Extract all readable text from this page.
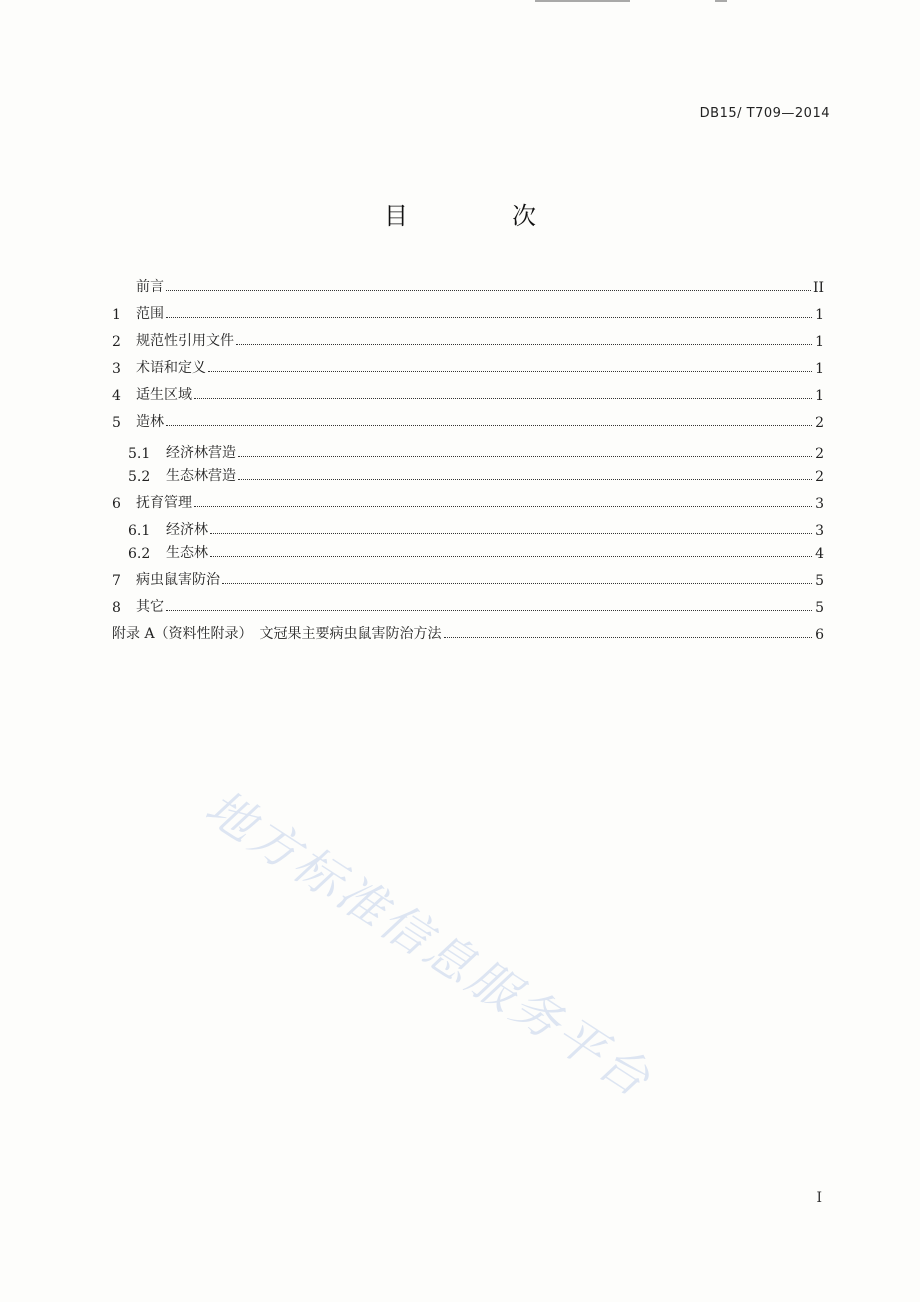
DB15/ T709—2014
目　次
前言	II
1	范围	1
2	规范性引用文件	1
3	术语和定义	1
4	适生区域	1
5	造林	2
5.1	经济林营造	2
5.2	生态林营造	2
6	抚育管理	3
6.1	经济林	3
6.2	生态林	4
7	病虫鼠害防治	5
8	其它	5
附录 A（资料性附录）　文冠果主要病虫鼠害防治方法	6
地方标准信息服务平台
I
